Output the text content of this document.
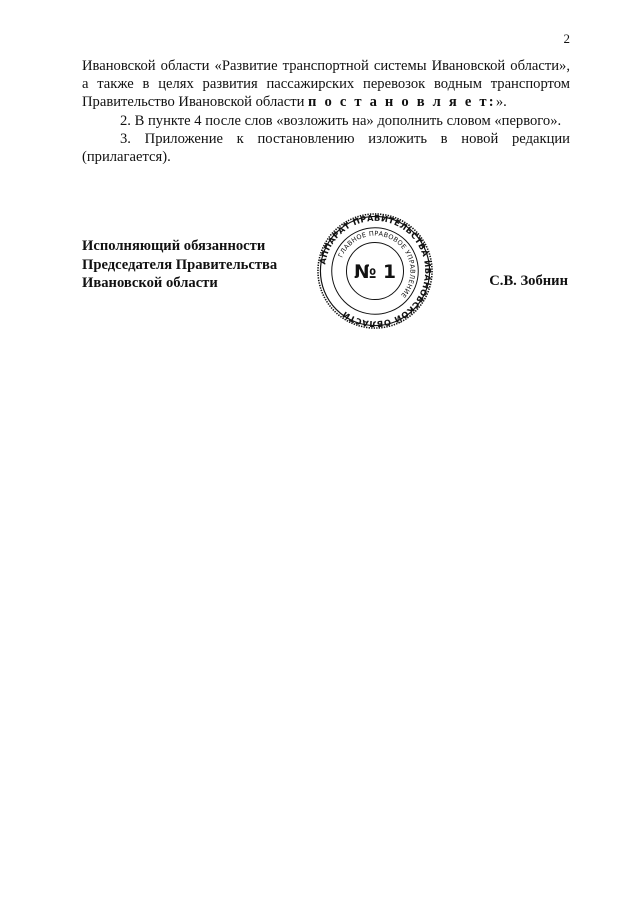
2

Ивановской области «Развитие транспортной системы Ивановской области», а также в целях развития пассажирских перевозок водным транспортом Правительство Ивановской области п о с т а н о в л я е т:».

2. В пункте 4 после слов «возложить на» дополнить словом «первого».

3. Приложение к постановлению изложить в новой редакции (прилагается).

Исполняющий обязанности
Председателя Правительства
Ивановской области
АППАРАТ ПРАВИТЕЛЬСТВА ИВАНОВСКОЙ ОБЛАСТИ
ГЛАВНОЕ ПРАВОВОЕ УПРАВЛЕНИЕ
№ 1	С.В. Зобнин
